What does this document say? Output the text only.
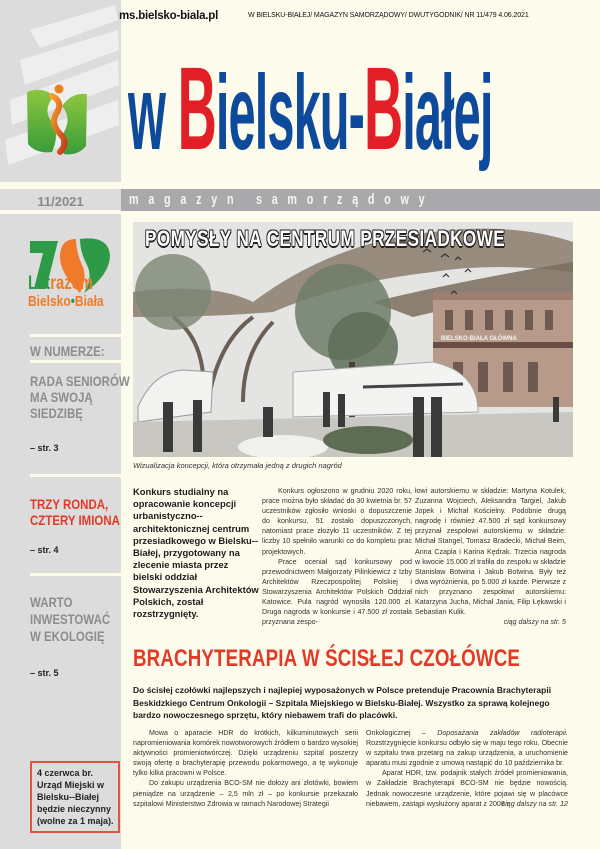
ms.bielsko-biala.pl	W BIELSKU-BIAŁEJ/ MAGAZYN SAMORZĄDOWY/ DWUTYGODNIK/ NR 11/479 4.06.2021
w Bielsku-Białej
11/2021	magazyn samorządowy
Latrazem
Bielsko•Biała
W NUMERZE:
RADA SENIORÓW
MA SWOJĄ
SIEDZIBĘ
– str. 3
TRZY RONDA,
CZTERY IMIONA
– str. 4
WARTO
INWESTOWAĆ
W EKOLOGIĘ
– str. 5
4 czerwca br. Urząd Miejski w Bielsku--Białej będzie nieczynny (wolne za 1 maja).
BIELSKO-BIAŁA GŁÓWNA
POMYSŁY NA CENTRUM PRZESIADKOWE
Wizualizacja koncepcji, która otrzymała jedną z drugich nagród
Konkurs studialny na opracowanie koncepcji urbanistyczno--architektonicznej centrum przesiadkowego w Bielsku--Białej, przygotowany na zlecenie miasta przez bielski oddział Stowarzyszenia Architektów Polskich, został rozstrzygnięty.

Konkurs ogłoszono w grudniu 2020 roku, prace można było składać do 30 kwietnia br. 57 uczestników zgłosiło wnioski o dopuszczenie do konkursu, 51 zostało dopuszczonych, natomiast prace złożyło 11 uczestników. Z tej liczby 10 spełniło warunki co do kompletu prac projektowych.

Prace oceniał sąd konkursowy pod przewodnictwem Małgorzaty Pilinkiewicz z Izby Architektów Rzeczpospolitej Polskiej i Stowarzyszenia Architektów Polskich Oddział Katowice. Pula nagród wynosiła 120.000 zł. Druga nagroda w konkursie i 47.500 zł została przyznana zespo-

łowi autorskiemu w składzie: Martyna Kotulek, Zuzanna Wojciech, Aleksandra Targiel, Jakub Jopek i Michał Kościelny. Podobnie drugą nagrodę i również 47.500 zł sąd konkursowy przyznał zespołowi autorskiemu w składzie: Michał Stangel, Tomasz Bradecki, Michał Beim, Anna Czapla i Karina Kędrak. Trzecia nagroda w kwocie 15.000 zł trafiła do zespołu w składzie Stanisław Botwina i Jakub Botwina. Były też dwa wyróżnienia, po 5.000 zł każde. Pierwsze z nich przyznano zespołowi autorskiemu: Katarzyna Jucha, Michał Jania, Filip Łękawski i Sebastian Kulik.

ciąg dalszy na str. 5
BRACHYTERAPIA W ŚCISŁEJ CZOŁÓWCE
Do ścisłej czołówki najlepszych i najlepiej wyposażonych w Polsce pretenduje Pracownia Brachyterapii Beskidzkiego Centrum Onkologii – Szpitala Miejskiego w Bielsku-Białej. Wszystko za sprawą kolejnego bardzo nowoczesnego sprzętu, który niebawem trafi do placówki.

Mowa o aparacie HDR do krótkich, kilkuminutowych serii napromieniowania komórek nowotworowych źródłem o bardzo wysokiej aktywności promieniotwórczej. Dzięki urządzeniu szpital poszerzy swoją ofertę o brachyterapię przewodu pokarmowego, a tę wykonuje tylko kilka pracowni w Polsce.

Do zakupu urządzenia BCO-SM nie dołoży ani złotówki, bowiem pieniądze na urządzenie – 2,5 mln zł – po konkursie przekazało szpitalowi Ministerstwo Zdrowia w ramach Narodowej Strategii

Onkologicznej – Doposażania zakładów radioterapii. Rozstrzygnięcie konkursu odbyło się w maju tego roku. Obecnie w szpitalu trwa przetarg na zakup urządzenia, a uruchomienie aparatu musi zgodnie z umową nastąpić do 10 października br.

Aparat HDR, tzw. podajnik stałych źródeł promieniowania, w Zakładzie Brachyterapii BCO-SM nie będzie nowością. Jednak nowoczesne urządzenie, które pojawi się w placówce niebawem, zastąpi wysłużony aparat z 2008 r.

ciąg dalszy na str. 12
